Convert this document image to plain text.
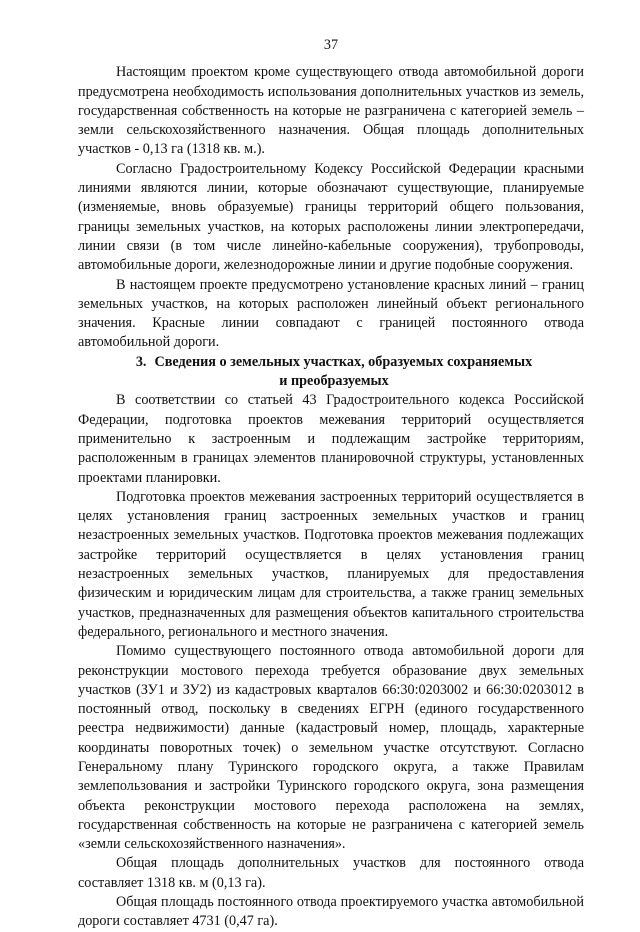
37

Настоящим проектом кроме существующего отвода автомобильной дороги предусмотрена необходимость использования дополнительных участков из земель, государственная собственность на которые не разграничена с категорией земель – земли сельскохозяйственного назначения. Общая площадь дополнительных участков - 0,13 га (1318 кв. м.).

Согласно Градостроительному Кодексу Российской Федерации красными линиями являются линии, которые обозначают существующие, планируемые (изменяемые, вновь образуемые) границы территорий общего пользования, границы земельных участков, на которых расположены линии электропередачи, линии связи (в том числе линейно-кабельные сооружения), трубопроводы, автомобильные дороги, железнодорожные линии и другие подобные сооружения.

В настоящем проекте предусмотрено установление красных линий – границ земельных участков, на которых расположен линейный объект регионального значения. Красные линии совпадают с границей постоянного отвода автомобильной дороги.

3. Сведения о земельных участках, образуемых сохраняемых
и преобразуемых

В соответствии со статьей 43 Градостроительного кодекса Российской Федерации, подготовка проектов межевания территорий осуществляется применительно к застроенным и подлежащим застройке территориям, расположенным в границах элементов планировочной структуры, установленных проектами планировки.

Подготовка проектов межевания застроенных территорий осуществляется в целях установления границ застроенных земельных участков и границ незастроенных земельных участков. Подготовка проектов межевания подлежащих застройке территорий осуществляется в целях установления границ незастроенных земельных участков, планируемых для предоставления физическим и юридическим лицам для строительства, а также границ земельных участков, предназначенных для размещения объектов капитального строительства федерального, регионального и местного значения.

Помимо существующего постоянного отвода автомобильной дороги для реконструкции мостового перехода требуется образование двух земельных участков (ЗУ1 и ЗУ2) из кадастровых кварталов 66:30:0203002 и 66:30:0203012 в постоянный отвод, поскольку в сведениях ЕГРН (единого государственного реестра недвижимости) данные (кадастровый номер, площадь, характерные координаты поворотных точек) о земельном участке отсутствуют. Согласно Генеральному плану Туринского городского округа, а также Правилам землепользования и застройки Туринского городского округа, зона размещения объекта реконструкции мостового перехода расположена на землях, государственная собственность на которые не разграничена с категорией земель «земли сельскохозяйственного назначения».

Общая площадь дополнительных участков для постоянного отвода составляет 1318 кв. м (0,13 га).

Общая площадь постоянного отвода проектируемого участка автомобильной дороги составляет 4731 (0,47 га).
